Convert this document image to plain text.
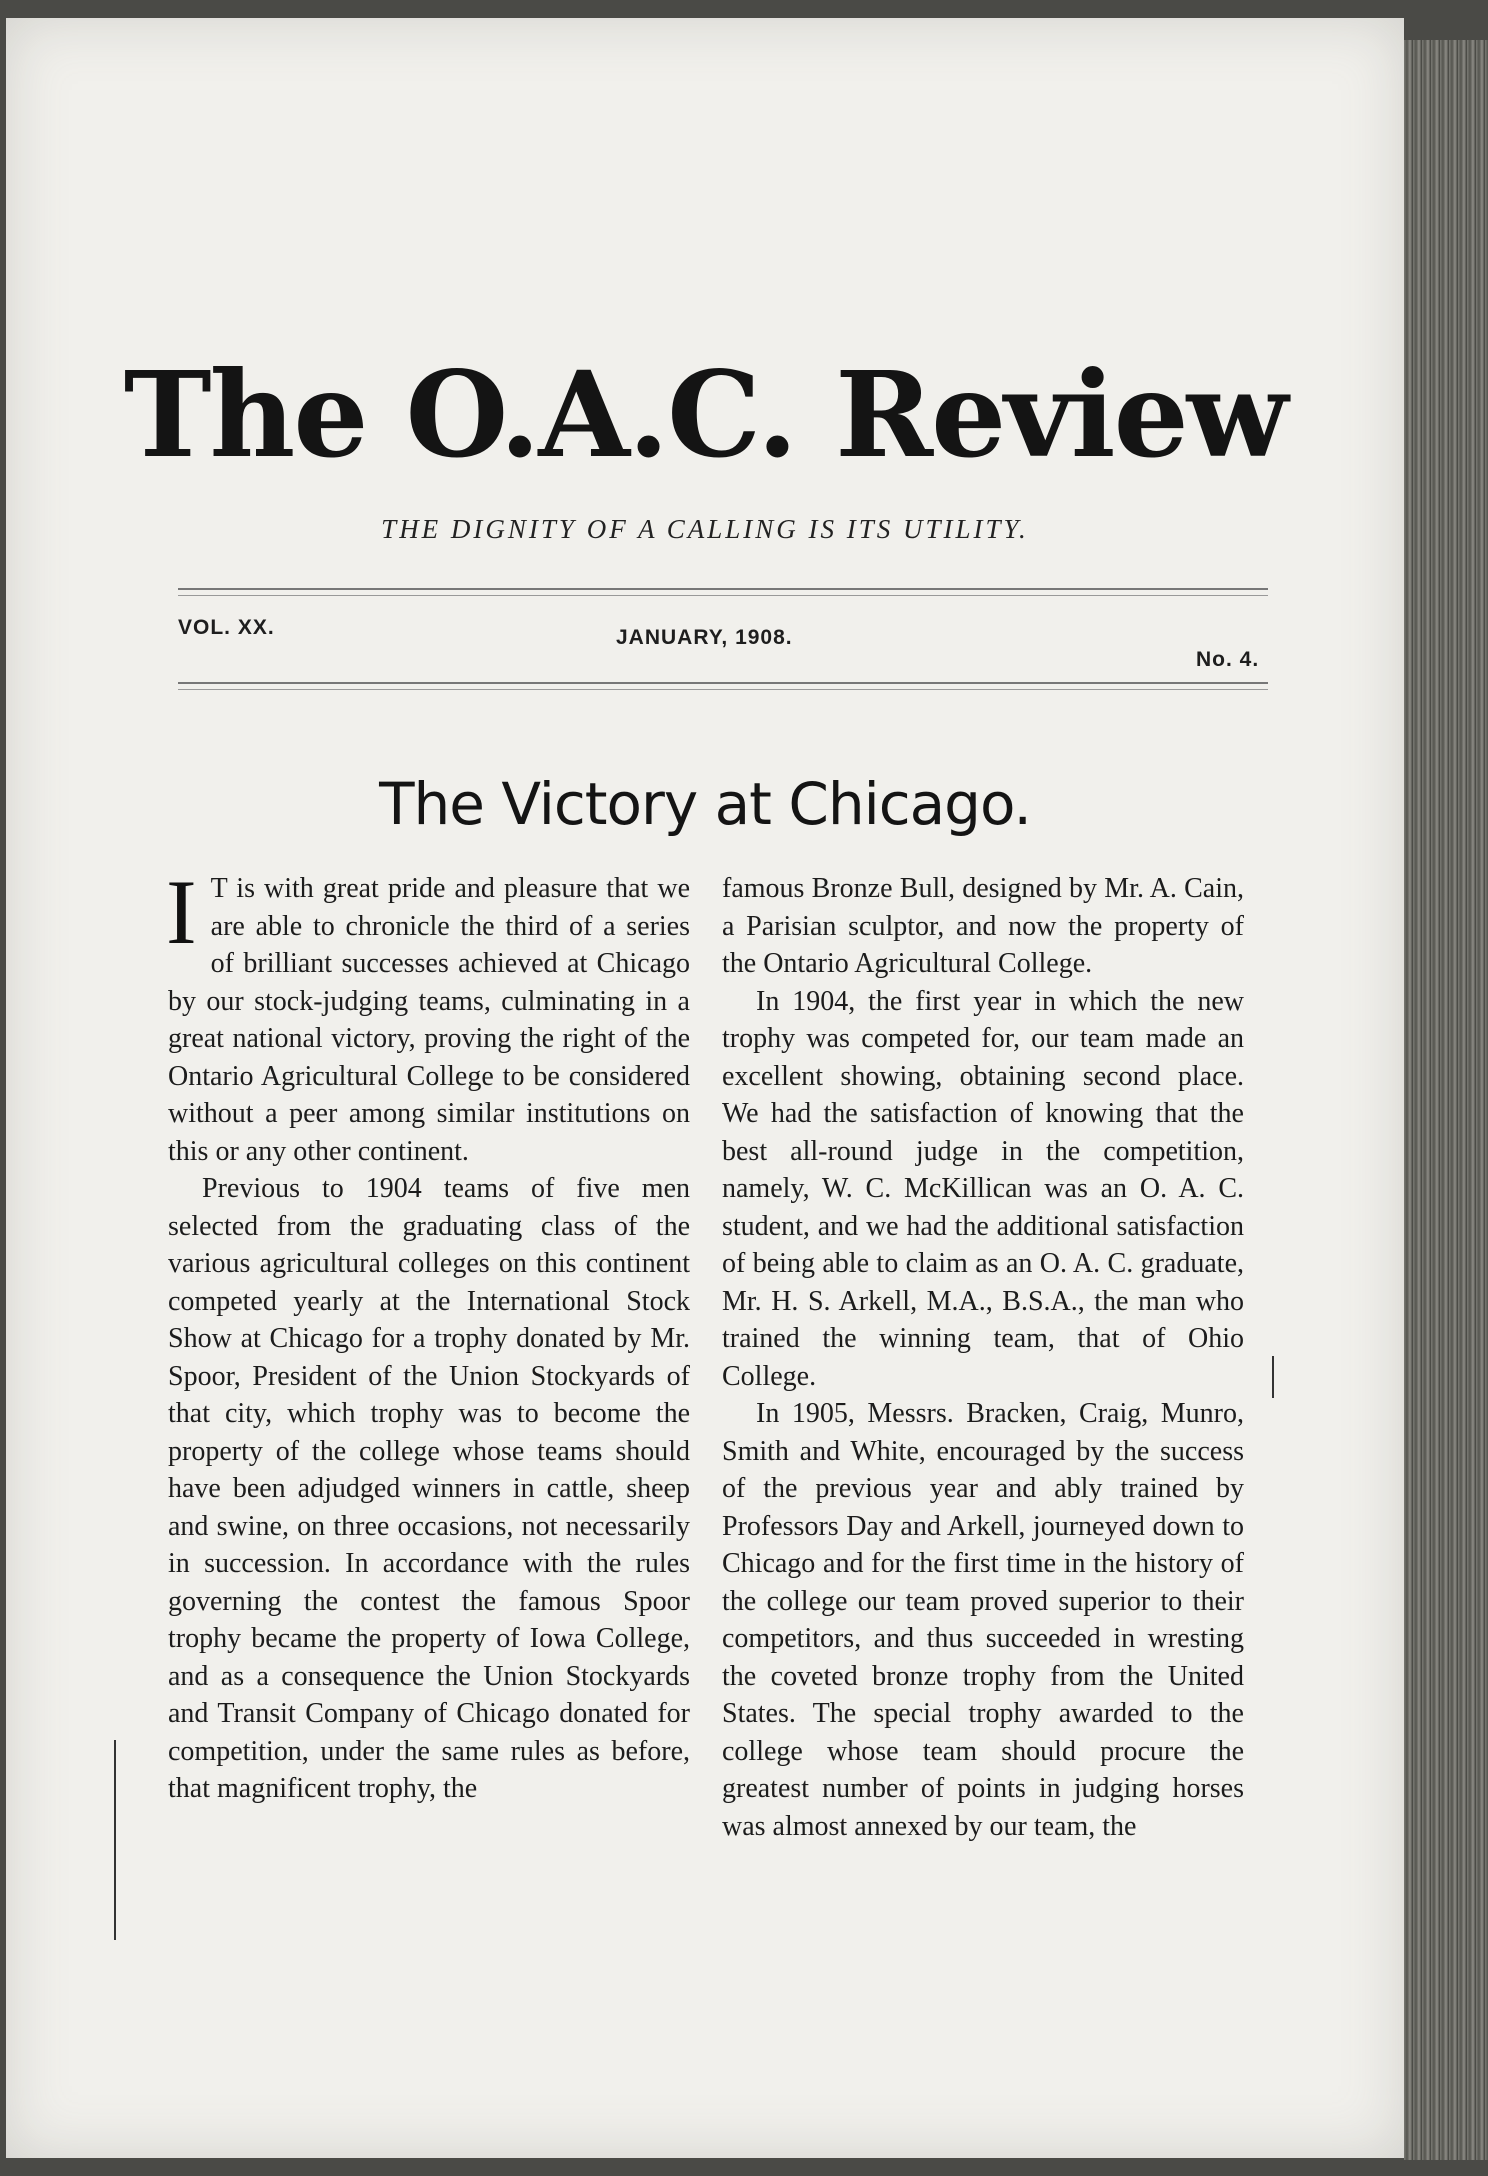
The O.A.C. Review
THE DIGNITY OF A CALLING IS ITS UTILITY.
VOL. XX.	JANUARY, 1908.
No. 4.
The Victory at Chicago.

I T is with great pride and pleasure that we are able to chronicle the third of a series of brilliant successes achieved at Chicago by our stock-judging teams, culminating in a great national victory, proving the right of the Ontario Agricultural College to be considered without a peer among similar institutions on this or any other continent.

Previous to 1904 teams of five men selected from the graduating class of the various agricultural colleges on this continent competed yearly at the International Stock Show at Chicago for a trophy donated by Mr. Spoor, President of the Union Stockyards of that city, which trophy was to become the property of the college whose teams should have been adjudged winners in cattle, sheep and swine, on three occasions, not necessarily in succession. In accordance with the rules governing the contest the famous Spoor trophy became the property of Iowa College, and as a consequence the Union Stockyards and Transit Company of Chicago donated for competition, under the same rules as before, that magnificent trophy, the

famous Bronze Bull, designed by Mr. A. Cain, a Parisian sculptor, and now the property of the Ontario Agricultural College.

In 1904, the first year in which the new trophy was competed for, our team made an excellent showing, obtaining second place. We had the satisfaction of knowing that the best all-round judge in the competition, namely, W. C. McKillican was an O. A. C. student, and we had the additional satisfaction of being able to claim as an O. A. C. graduate, Mr. H. S. Arkell, M.A., B.S.A., the man who trained the winning team, that of Ohio College.

In 1905, Messrs. Bracken, Craig, Munro, Smith and White, encouraged by the success of the previous year and ably trained by Professors Day and Arkell, journeyed down to Chicago and for the first time in the history of the college our team proved superior to their competitors, and thus succeeded in wresting the coveted bronze trophy from the United States. The special trophy awarded to the college whose team should procure the greatest number of points in judging horses was almost annexed by our team, the
